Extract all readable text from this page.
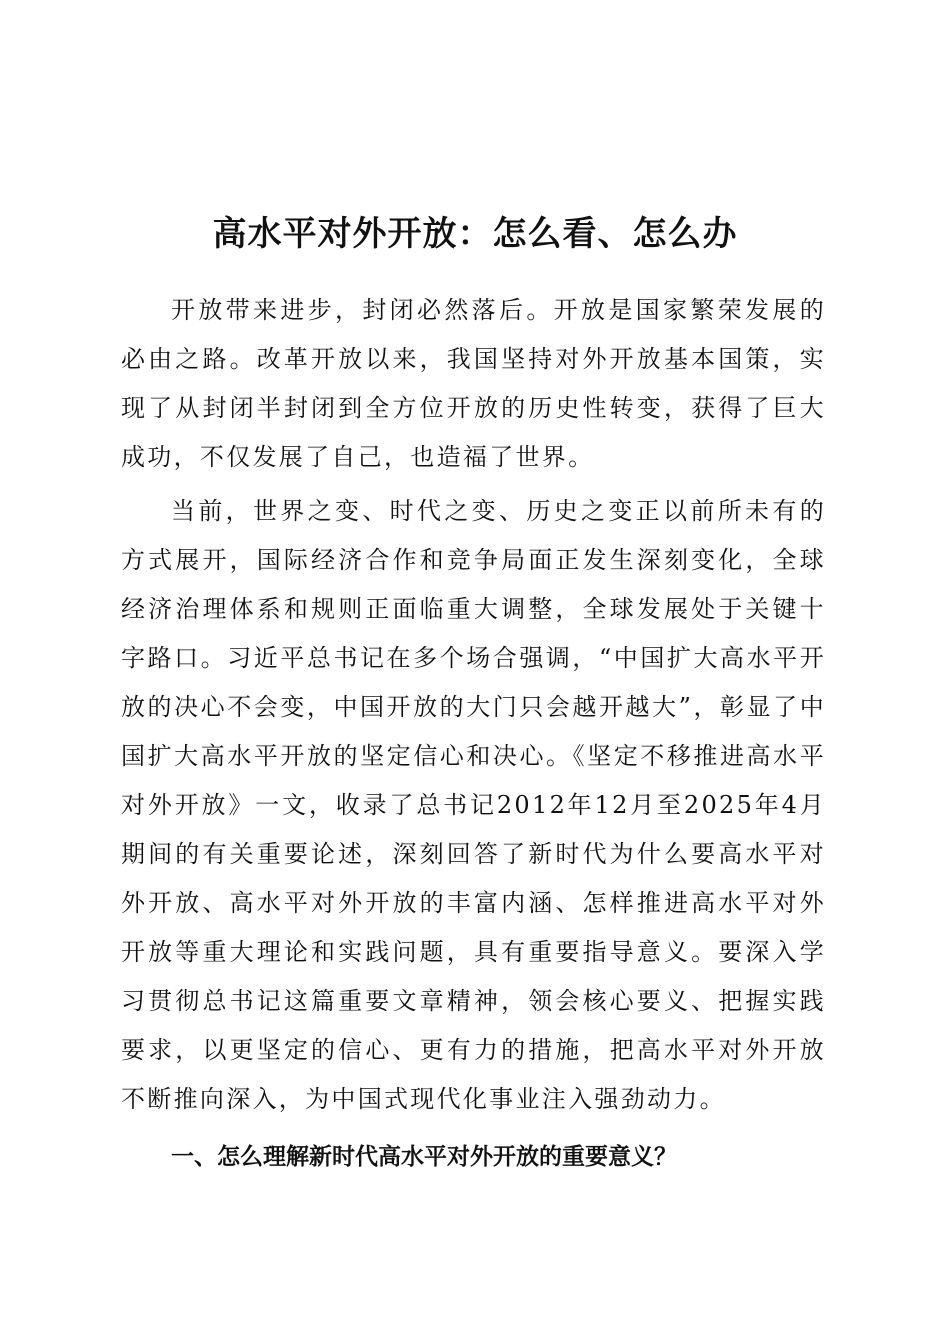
高水平对外开放：怎么看、怎么办

开放带来进步，封闭必然落后。开放是国家繁荣发展的必由之路。改革开放以来，我国坚持对外开放基本国策，实现了从封闭半封闭到全方位开放的历史性转变，获得了巨大成功，不仅发展了自己，也造福了世界。

当前，世界之变、时代之变、历史之变正以前所未有的方式展开，国际经济合作和竞争局面正发生深刻变化，全球经济治理体系和规则正面临重大调整，全球发展处于关键十字路口。习近平总书记在多个场合强调，“中国扩大高水平开放的决心不会变，中国开放的大门只会越开越大”，彰显了中国扩大高水平开放的坚定信心和决心。《坚定不移推进高水平对外开放》一文，收录了总书记2012年12月至2025年4月期间的有关重要论述，深刻回答了新时代为什么要高水平对外开放、高水平对外开放的丰富内涵、怎样推进高水平对外开放等重大理论和实践问题，具有重要指导意义。要深入学习贯彻总书记这篇重要文章精神，领会核心要义、把握实践要求，以更坚定的信心、更有力的措施，把高水平对外开放不断推向深入，为中国式现代化事业注入强劲动力。

一、怎么理解新时代高水平对外开放的重要意义？
